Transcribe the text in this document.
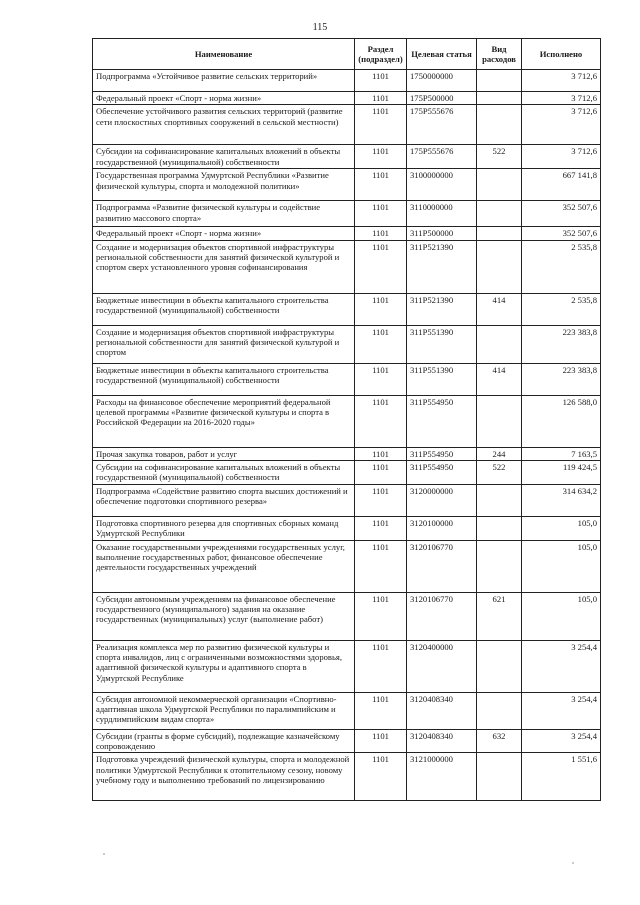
115
Наименование	Раздел (подраздел)	Целевая статья	Вид расходов	Исполнено
Подпрограмма «Устойчивое развитие сельских территорий»	1101	1750000000		3 712,6
Федеральный проект «Спорт - норма жизни»	1101	175P500000		3 712,6
Обеспечение устойчивого развития сельских территорий (развитие сети плоскостных спортивных сооружений в сельской местности)	1101	175P555676		3 712,6
Субсидии на софинансирование капитальных вложений в объекты государственной (муниципальной) собственности	1101	175P555676	522	3 712,6
Государственная программа Удмуртской Республики «Развитие физической культуры, спорта и молодежной политики»	1101	3100000000		667 141,8
Подпрограмма «Развитие физической культуры и содействие развитию массового спорта»	1101	3110000000		352 507,6
Федеральный проект «Спорт - норма жизни»	1101	311P500000		352 507,6
Создание и модернизация объектов спортивной инфраструктуры региональной собственности для занятий физической культурой и спортом сверх установленного уровня софинансирования	1101	311P521390		2 535,8
Бюджетные инвестиции в объекты капитального строительства государственной (муниципальной) собственности	1101	311P521390	414	2 535,8
Создание и модернизация объектов спортивной инфраструктуры региональной собственности для занятий физической культурой и спортом	1101	311P551390		223 383,8
Бюджетные инвестиции в объекты капитального строительства государственной (муниципальной) собственности	1101	311P551390	414	223 383,8
Расходы на финансовое обеспечение мероприятий федеральной целевой программы «Развитие физической культуры и спорта в Российской Федерации на 2016-2020 годы»	1101	311P554950		126 588,0
Прочая закупка товаров, работ и услуг	1101	311P554950	244	7 163,5
Субсидии на софинансирование капитальных вложений в объекты государственной (муниципальной) собственности	1101	311P554950	522	119 424,5
Подпрограмма «Содействие развитию спорта высших достижений и обеспечение подготовки спортивного резерва»	1101	3120000000		314 634,2
Подготовка спортивного резерва для спортивных сборных команд Удмуртской Республики	1101	3120100000		105,0
Оказание государственными учреждениями государственных услуг, выполнение государственных работ, финансовое обеспечение деятельности государственных учреждений	1101	3120106770		105,0
Субсидии автономным учреждениям на финансовое обеспечение государственного (муниципального) задания на оказание государственных (муниципальных) услуг (выполнение работ)	1101	3120106770	621	105,0
Реализация комплекса мер по развитию физической культуры и спорта инвалидов, лиц с ограниченными возможностями здоровья, адаптивной физической культуры и адаптивного спорта в Удмуртской Республике	1101	3120400000		3 254,4
Субсидия автономной некоммерческой организации «Спортивно-адаптивная школа Удмуртской Республики по паралимпийским и сурдлимпийским видам спорта»	1101	3120408340		3 254,4
Субсидии (гранты в форме субсидий), подлежащие казначейскому сопровождению	1101	3120408340	632	3 254,4
Подготовка учреждений физической культуры, спорта и молодежной политики Удмуртской Республики к отопительному сезону, новому учебному году и выполнению требований по лицензированию	1101	3121000000		1 551,6
